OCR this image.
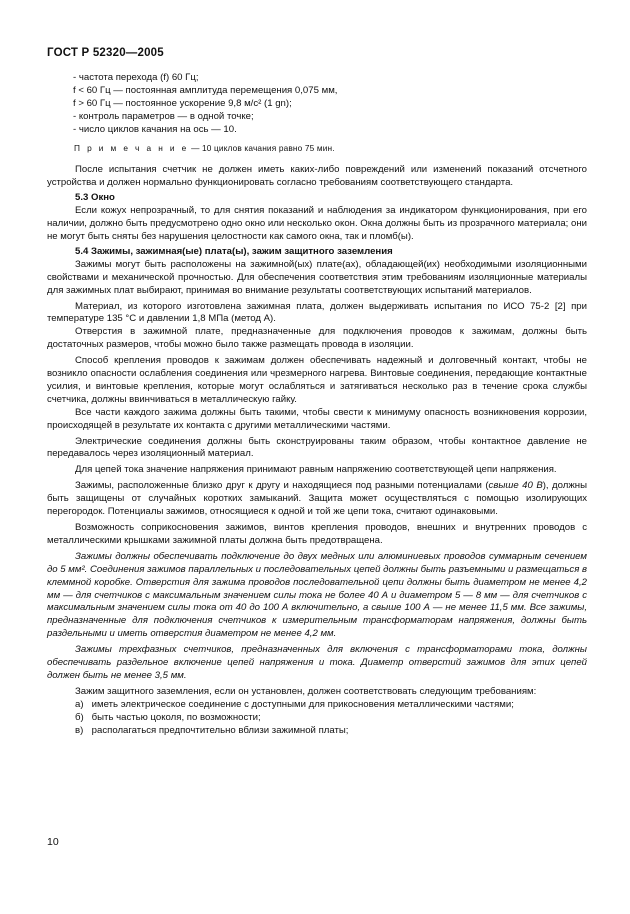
ГОСТ Р 52320—2005

- частота перехода (f) 60 Гц;

f < 60 Гц — постоянная амплитуда перемещения 0,075 мм,

f > 60 Гц — постоянное ускорение 9,8 м/с² (1 gn);

- контроль параметров — в одной точке;

- число циклов качания на ось — 10.

П р и м е ч а н и е — 10 циклов качания равно 75 мин.

После испытания счетчик не должен иметь каких-либо повреждений или изменений показаний отсчетного устройства и должен нормально функционировать согласно требованиям соответствующего стандарта.

5.3 Окно

Если кожух непрозрачный, то для снятия показаний и наблюдения за индикатором функционирования, при его наличии, должно быть предусмотрено одно окно или несколько окон. Окна должны быть из прозрачного материала; они не могут быть сняты без нарушения целостности как самого окна, так и пломб(ы).

5.4 Зажимы, зажимная(ые) плата(ы), зажим защитного заземления

Зажимы могут быть расположены на зажимной(ых) плате(ах), обладающей(их) необходимыми изоляционными свойствами и механической прочностью. Для обеспечения соответствия этим требованиям изоляционные материалы для зажимных плат выбирают, принимая во внимание результаты соответствующих испытаний материалов.

Материал, из которого изготовлена зажимная плата, должен выдерживать испытания по ИСО 75-2 [2] при температуре 135 °С и давлении 1,8 МПа (метод А).

Отверстия в зажимной плате, предназначенные для подключения проводов к зажимам, должны быть достаточных размеров, чтобы можно было также размещать провода в изоляции.

Способ крепления проводов к зажимам должен обеспечивать надежный и долговечный контакт, чтобы не возникло опасности ослабления соединения или чрезмерного нагрева. Винтовые соединения, передающие контактные усилия, и винтовые крепления, которые могут ослабляться и затягиваться несколько раз в течение срока службы счетчика, должны ввинчиваться в металлическую гайку.

Все части каждого зажима должны быть такими, чтобы свести к минимуму опасность возникновения коррозии, происходящей в результате их контакта с другими металлическими частями.

Электрические соединения должны быть сконструированы таким образом, чтобы контактное давление не передавалось через изоляционный материал.

Для цепей тока значение напряжения принимают равным напряжению соответствующей цепи напряжения.

Зажимы, расположенные близко друг к другу и находящиеся под разными потенциалами (свыше 40 В), должны быть защищены от случайных коротких замыканий. Защита может осуществляться с помощью изолирующих перегородок. Потенциалы зажимов, относящиеся к одной и той же цепи тока, считают одинаковыми.

Возможность соприкосновения зажимов, винтов крепления проводов, внешних и внутренних проводов с металлическими крышками зажимной платы должна быть предотвращена.

Зажимы должны обеспечивать подключение до двух медных или алюминиевых проводов суммарным сечением до 5 мм². Соединения зажимов параллельных и последовательных цепей должны быть разъемными и размещаться в клеммной коробке. Отверстия для зажима проводов последовательной цепи должны быть диаметром не менее 4,2 мм — для счетчиков с максимальным значением силы тока не более 40 А и диаметром 5 — 8 мм — для счетчиков с максимальным значением силы тока от 40 до 100 А включительно, а свыше 100 А — не менее 11,5 мм. Все зажимы, предназначенные для подключения счетчиков к измерительным трансформаторам напряжения, должны быть раздельными и иметь отверстия диаметром не менее 4,2 мм.

Зажимы трехфазных счетчиков, предназначенных для включения с трансформаторами тока, должны обеспечивать раздельное включение цепей напряжения и тока. Диаметр отверстий зажимов для этих цепей должен быть не менее 3,5 мм.

Зажим защитного заземления, если он установлен, должен соответствовать следующим требованиям:

а) иметь электрическое соединение с доступными для прикосновения металлическими частями;

б) быть частью цоколя, по возможности;

в) располагаться предпочтительно вблизи зажимной платы;

10
